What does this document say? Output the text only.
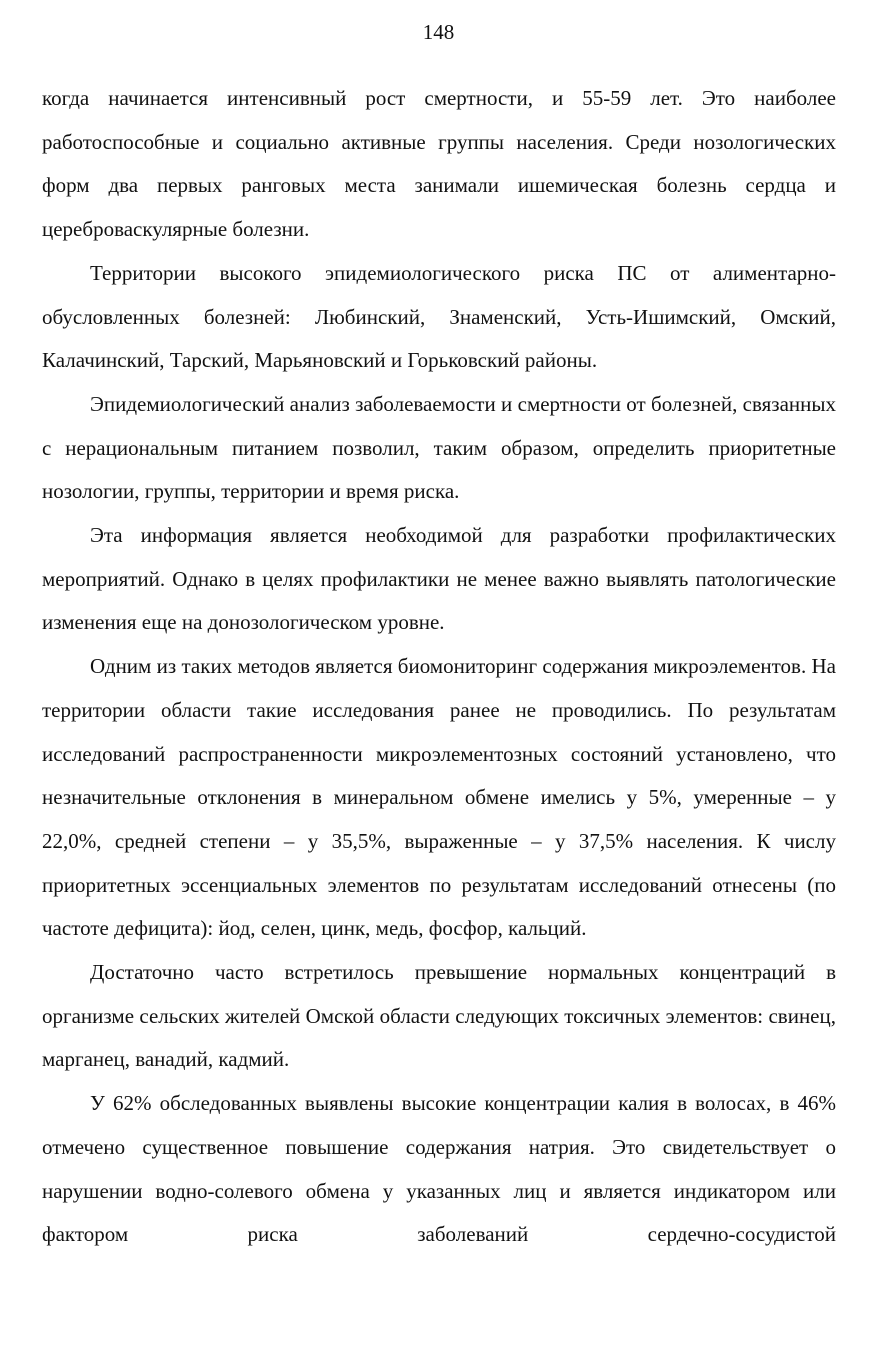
148

когда начинается интенсивный рост смертности, и 55-59 лет. Это наиболее работоспособные и социально активные группы населения. Среди нозологических форм два первых ранговых места занимали ишемическая болезнь сердца и цереброваскулярные болезни.

Территории высокого эпидемиологического риска ПС от алиментарно-обусловленных болезней: Любинский, Знаменский, Усть-Ишимский, Омский, Калачинский, Тарский, Марьяновский и Горьковский районы.

Эпидемиологический анализ заболеваемости и смертности от болезней, связанных с нерациональным питанием позволил, таким образом, определить приоритетные нозологии, группы, территории и время риска.

Эта информация является необходимой для разработки профилактических мероприятий. Однако в целях профилактики не менее важно выявлять патологические изменения еще на донозологическом уровне.

Одним из таких методов является биомониторинг содержания микроэлементов. На территории области такие исследования ранее не проводились. По результатам исследований распространенности микроэлементозных состояний установлено, что незначительные отклонения в минеральном обмене имелись у 5%, умеренные – у 22,0%, средней степени – у 35,5%, выраженные – у 37,5% населения. К числу приоритетных эссенциальных элементов по результатам исследований отнесены (по частоте дефицита): йод, селен, цинк, медь, фосфор, кальций.

Достаточно часто встретилось превышение нормальных концентраций в организме сельских жителей Омской области следующих токсичных элементов: свинец, марганец, ванадий, кадмий.

У 62% обследованных выявлены высокие концентрации калия в волосах, в 46% отмечено существенное повышение содержания натрия. Это свидетельствует о нарушении водно-солевого обмена у указанных лиц и является индикатором или фактором риска заболеваний сердечно-сосудистой
